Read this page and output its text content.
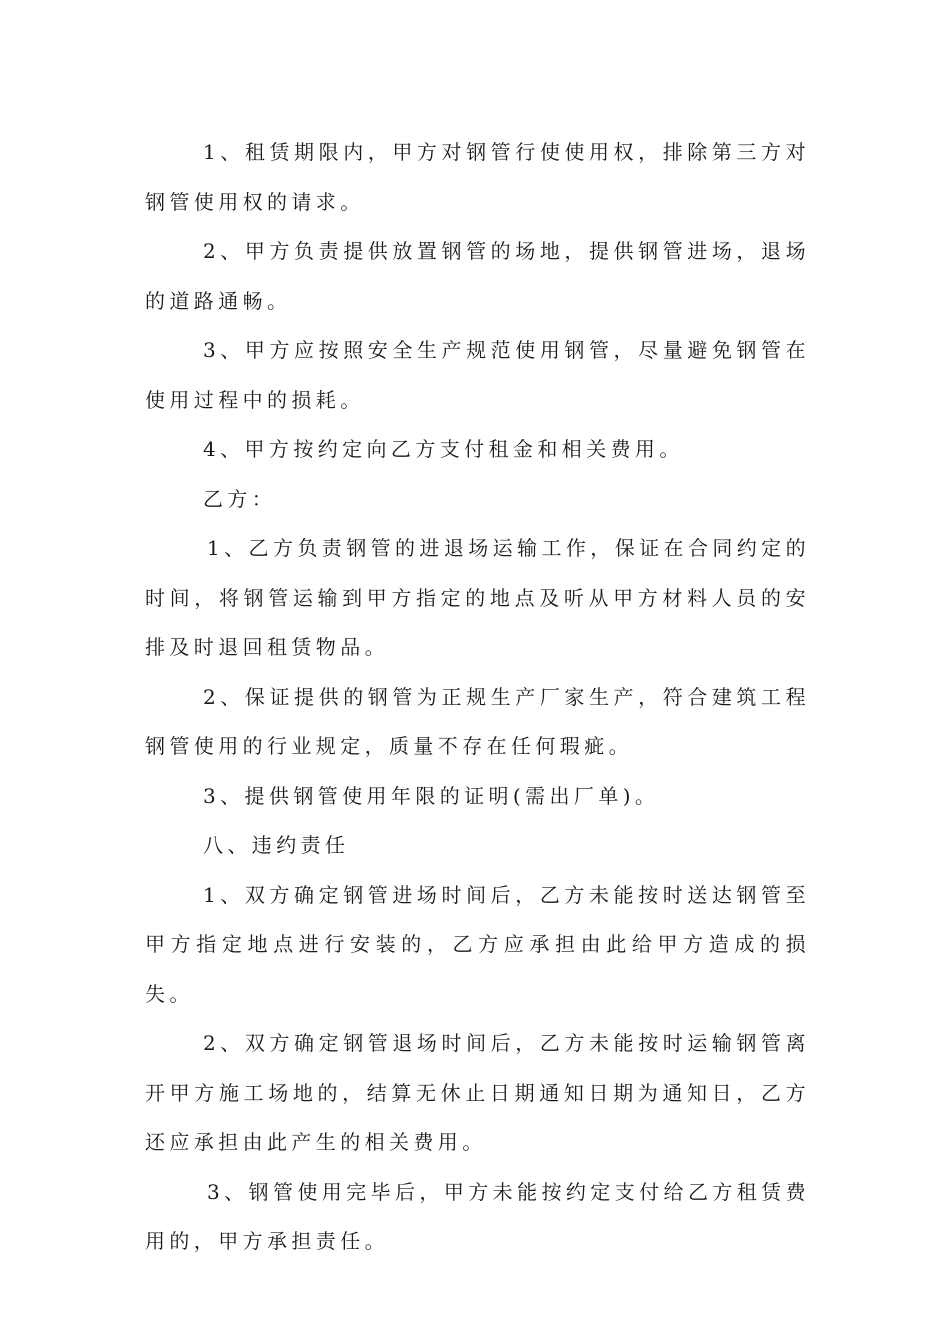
1、租赁期限内，甲方对钢管行使使用权，排除第三方对钢管使用权的请求。

2、甲方负责提供放置钢管的场地，提供钢管进场，退场的道路通畅。

3、甲方应按照安全生产规范使用钢管，尽量避免钢管在使用过程中的损耗。

4、甲方按约定向乙方支付租金和相关费用。

乙方：

1、乙方负责钢管的进退场运输工作，保证在合同约定的时间，将钢管运输到甲方指定的地点及听从甲方材料人员的安排及时退回租赁物品。

2、保证提供的钢管为正规生产厂家生产，符合建筑工程钢管使用的行业规定，质量不存在任何瑕疵。

3、提供钢管使用年限的证明(需出厂单)。

八、违约责任

1、双方确定钢管进场时间后，乙方未能按时送达钢管至甲方指定地点进行安装的，乙方应承担由此给甲方造成的损失。

2、双方确定钢管退场时间后，乙方未能按时运输钢管离开甲方施工场地的，结算无休止日期通知日期为通知日，乙方还应承担由此产生的相关费用。

3、钢管使用完毕后，甲方未能按约定支付给乙方租赁费用的，甲方承担责任。
